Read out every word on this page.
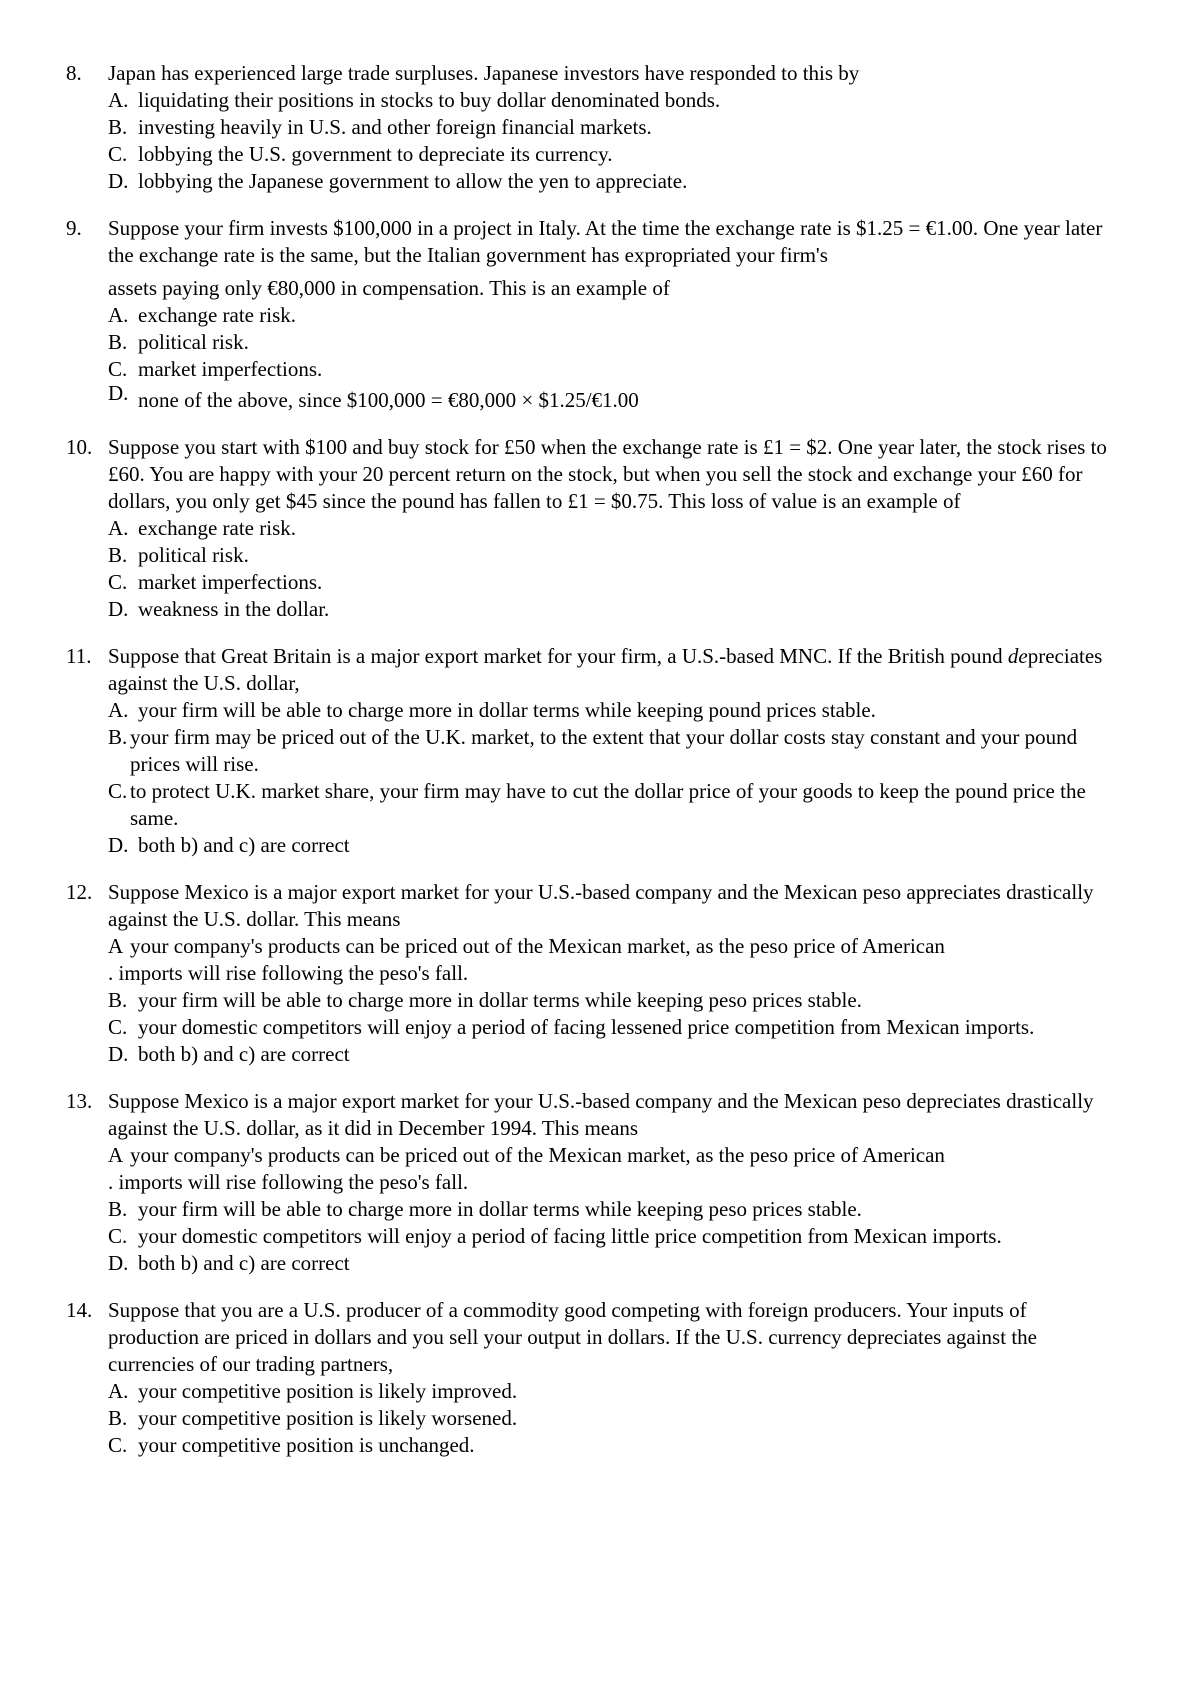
8.	Japan has experienced large trade surpluses. Japanese investors have responded to this by
A. liquidating their positions in stocks to buy dollar denominated bonds.
B. investing heavily in U.S. and other foreign financial markets.
C. lobbying the U.S. government to depreciate its currency.
D. lobbying the Japanese government to allow the yen to appreciate.
9.	Suppose your firm invests $100,000 in a project in Italy. At the time the exchange rate is $1.25 = €1.00. One year later the exchange rate is the same, but the Italian government has expropriated your firm's
assets paying only €80,000 in compensation. This is an example of
A. exchange rate risk.
B. political risk.
C. market imperfections.
D. none of the above, since $100,000 = €80,000 × $1.25/€1.00
10. Suppose you start with $100 and buy stock for £50 when the exchange rate is £1 = $2. One year later, the stock rises to £60. You are happy with your 20 percent return on the stock, but when you sell the stock and exchange your £60 for dollars, you only get $45 since the pound has fallen to £1 = $0.75. This loss of value is an example of
A. exchange rate risk.
B. political risk.
C. market imperfections.
D. weakness in the dollar.
11. Suppose that Great Britain is a major export market for your firm, a U.S.-based MNC. If the British pound depreciates against the U.S. dollar,
A. your firm will be able to charge more in dollar terms while keeping pound prices stable.
B. your firm may be priced out of the U.K. market, to the extent that your dollar costs stay constant and your pound prices will rise.
C. to protect U.K. market share, your firm may have to cut the dollar price of your goods to keep the pound price the same.
D. both b) and c) are correct
12. Suppose Mexico is a major export market for your U.S.-based company and the Mexican peso appreciates drastically against the U.S. dollar. This means
A your company's products can be priced out of the Mexican market, as the peso price of American
. imports will rise following the peso's fall.
B. your firm will be able to charge more in dollar terms while keeping peso prices stable.
C. your domestic competitors will enjoy a period of facing lessened price competition from Mexican imports.
D. both b) and c) are correct
13. Suppose Mexico is a major export market for your U.S.-based company and the Mexican peso depreciates drastically against the U.S. dollar, as it did in December 1994. This means
A your company's products can be priced out of the Mexican market, as the peso price of American
. imports will rise following the peso's fall.
B. your firm will be able to charge more in dollar terms while keeping peso prices stable.
C. your domestic competitors will enjoy a period of facing little price competition from Mexican imports.
D. both b) and c) are correct
14. Suppose that you are a U.S. producer of a commodity good competing with foreign producers. Your inputs of production are priced in dollars and you sell your output in dollars. If the U.S. currency depreciates against the currencies of our trading partners,
A. your competitive position is likely improved.
B. your competitive position is likely worsened.
C. your competitive position is unchanged.
